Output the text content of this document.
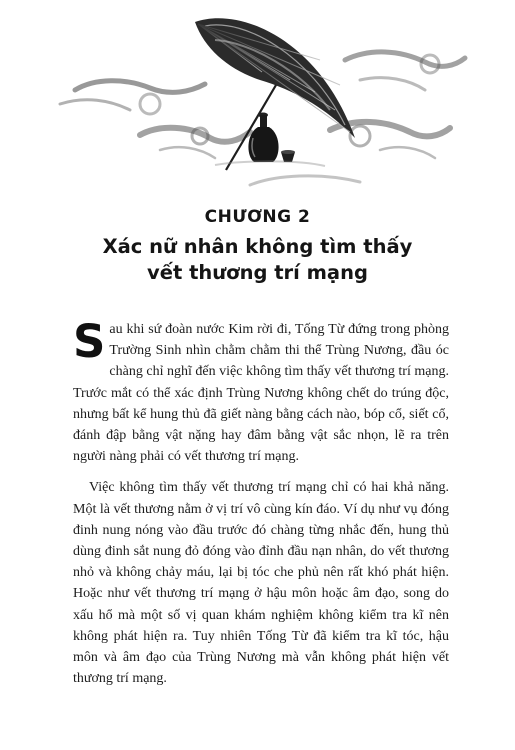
CHƯƠNG 2
Xác nữ nhân không tìm thấy
vết thương trí mạng

Sau khi sứ đoàn nước Kim rời đi, Tống Từ đứng trong phòng Trường Sinh nhìn chằm chằm thi thể Trùng Nương, đầu óc chàng chỉ nghĩ đến việc không tìm thấy vết thương trí mạng. Trước mắt có thể xác định Trùng Nương không chết do trúng độc, nhưng bất kể hung thủ đã giết nàng bằng cách nào, bóp cổ, siết cổ, đánh đập bằng vật nặng hay đâm bằng vật sắc nhọn, lẽ ra trên người nàng phải có vết thương trí mạng.

Việc không tìm thấy vết thương trí mạng chỉ có hai khả năng. Một là vết thương nằm ở vị trí vô cùng kín đáo. Ví dụ như vụ đóng đinh nung nóng vào đầu trước đó chàng từng nhắc đến, hung thủ dùng đinh sắt nung đỏ đóng vào đỉnh đầu nạn nhân, do vết thương nhỏ và không chảy máu, lại bị tóc che phủ nên rất khó phát hiện. Hoặc như vết thương trí mạng ở hậu môn hoặc âm đạo, song do xấu hổ mà một số vị quan khám nghiệm không kiểm tra kĩ nên không phát hiện ra. Tuy nhiên Tống Từ đã kiểm tra kĩ tóc, hậu môn và âm đạo của Trùng Nương mà vẫn không phát hiện vết thương trí mạng.
